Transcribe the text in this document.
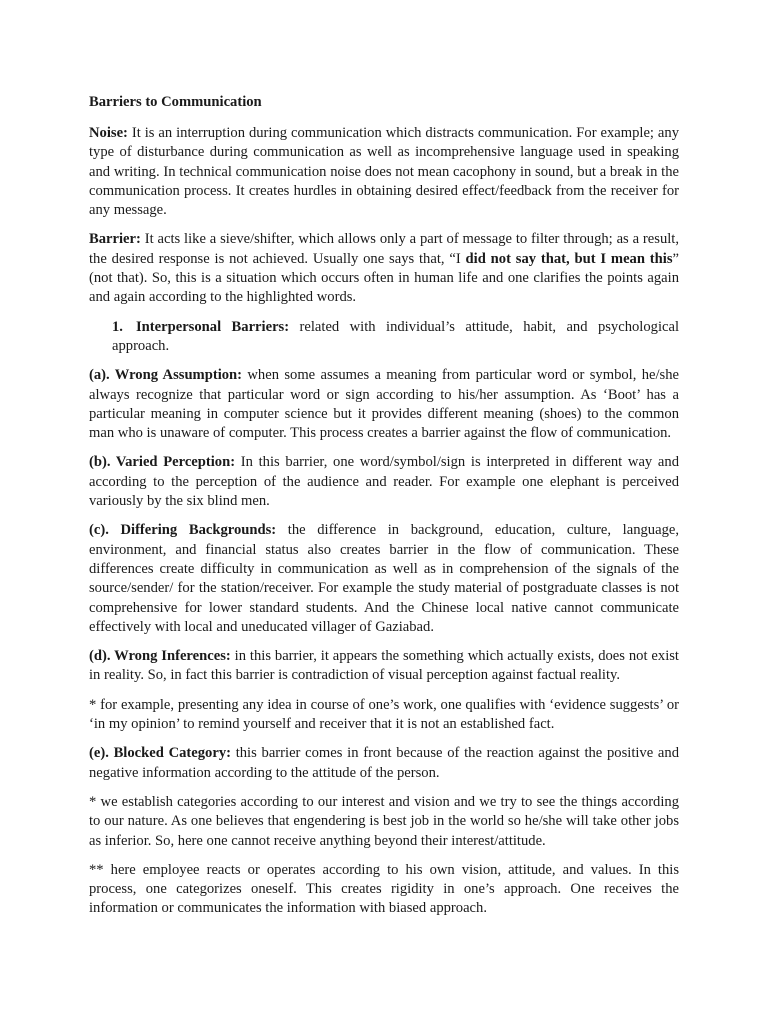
Barriers to Communication

Noise: It is an interruption during communication which distracts communication. For example; any type of disturbance during communication as well as incomprehensive language used in speaking and writing. In technical communication noise does not mean cacophony in sound, but a break in the communication process. It creates hurdles in obtaining desired effect/feedback from the receiver for any message.

Barrier: It acts like a sieve/shifter, which allows only a part of message to filter through; as a result, the desired response is not achieved. Usually one says that, “I did not say that, but I mean this” (not that). So, this is a situation which occurs often in human life and one clarifies the points again and again according to the highlighted words.

1. Interpersonal Barriers: related with individual’s attitude, habit, and psychological approach.

(a). Wrong Assumption: when some assumes a meaning from particular word or symbol, he/she always recognize that particular word or sign according to his/her assumption. As ‘Boot’ has a particular meaning in computer science but it provides different meaning (shoes) to the common man who is unaware of computer. This process creates a barrier against the flow of communication.

(b). Varied Perception: In this barrier, one word/symbol/sign is interpreted in different way and according to the perception of the audience and reader. For example one elephant is perceived variously by the six blind men.

(c). Differing Backgrounds: the difference in background, education, culture, language, environment, and financial status also creates barrier in the flow of communication. These differences create difficulty in communication as well as in comprehension of the signals of the source/sender/ for the station/receiver. For example the study material of postgraduate classes is not comprehensive for lower standard students. And the Chinese local native cannot communicate effectively with local and uneducated villager of Gaziabad.

(d). Wrong Inferences: in this barrier, it appears the something which actually exists, does not exist in reality. So, in fact this barrier is contradiction of visual perception against factual reality.

* for example, presenting any idea in course of one’s work, one qualifies with ‘evidence suggests’ or ‘in my opinion’ to remind yourself and receiver that it is not an established fact.

(e). Blocked Category: this barrier comes in front because of the reaction against the positive and negative information according to the attitude of the person.

* we establish categories according to our interest and vision and we try to see the things according to our nature. As one believes that engendering is best job in the world so he/she will take other jobs as inferior. So, here one cannot receive anything beyond their interest/attitude.

** here employee reacts or operates according to his own vision, attitude, and values. In this process, one categorizes oneself. This creates rigidity in one’s approach. One receives the information or communicates the information with biased approach.
